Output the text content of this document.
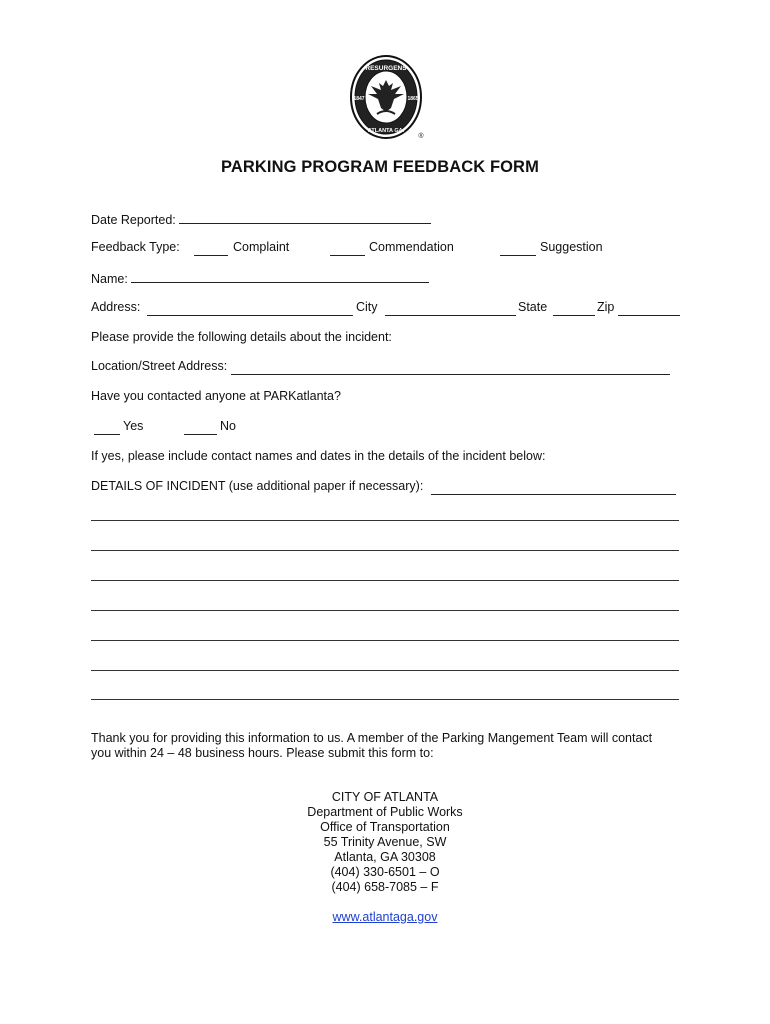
RESURGENS
ATLANTA GA.
1847	1865
®
PARKING PROGRAM FEEDBACK FORM
Date Reported:
Feedback Type:	Complaint	Commendation	Suggestion
Name:
Address:	City	State	Zip
Please provide the following details about the incident:
Location/Street Address:
Have you contacted anyone at PARKatlanta?
Yes	No
If yes, please include contact names and dates in the details of the incident below:
DETAILS OF INCIDENT (use additional paper if necessary):
Thank you for providing this information to us. A member of the Parking Mangement Team will contact
you within 24 – 48 business hours. Please submit this form to:
CITY OF ATLANTA
Department of Public Works
Office of Transportation
55 Trinity Avenue, SW
Atlanta, GA 30308
(404) 330-6501 – O
(404) 658-7085 – F
www.atlantaga.gov
